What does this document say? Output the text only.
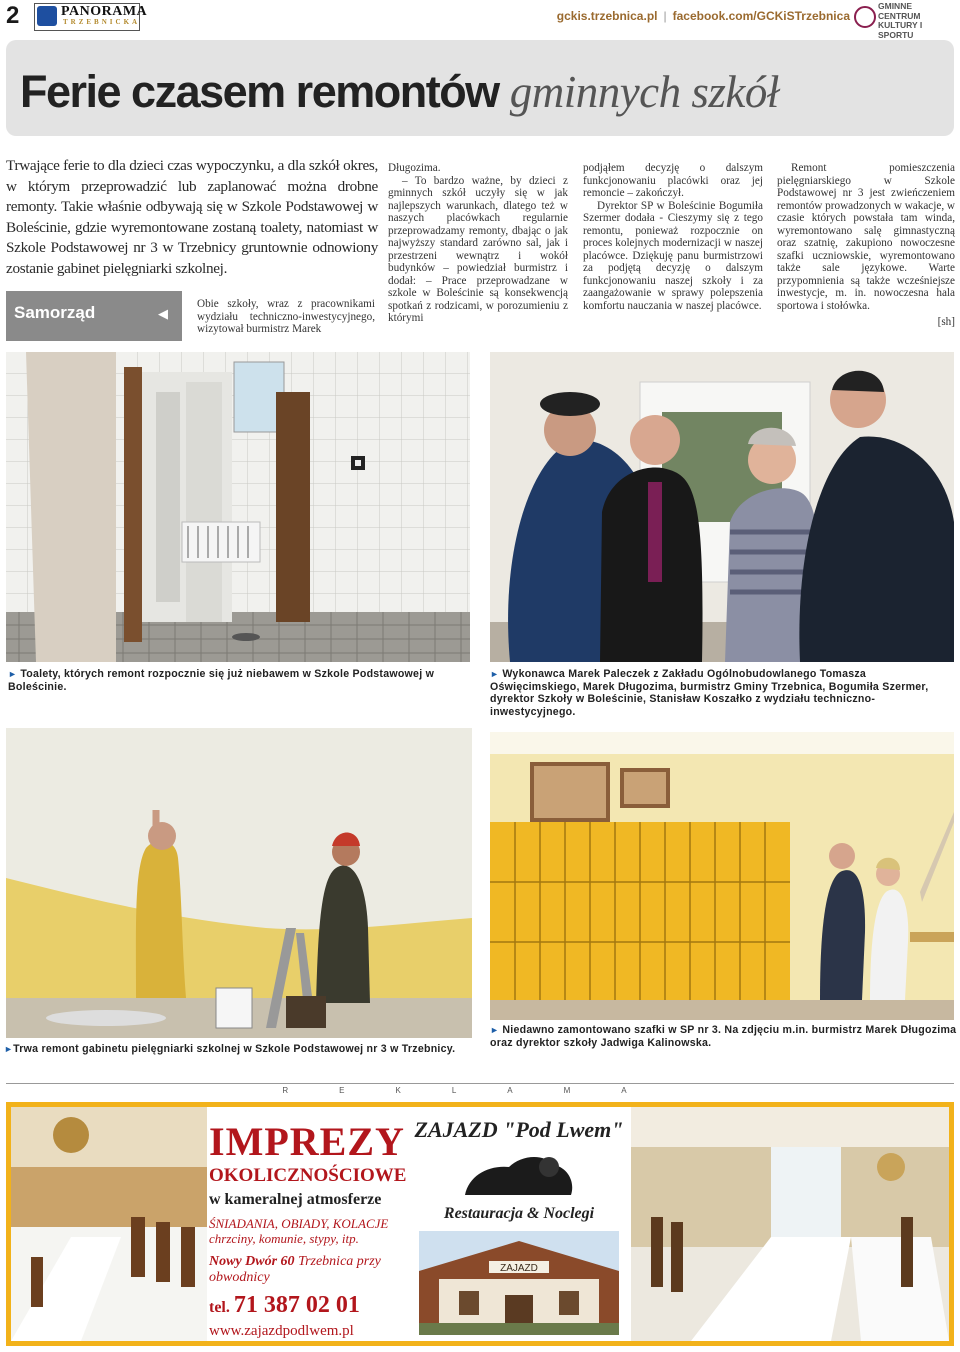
2	PANORAMA
TRZEBNICKA	gckis.trzebnica.pl | facebook.com/GCKiSTrzebnica
GMINNE CENTRUM
KULTURY I SPORTU
Ferie czasem remontów gminnych szkół
Trwające ferie to dla dzieci czas wypoczynku, a dla szkół okres, w którym przeprowadzić lub zaplanować można drobne remonty. Takie właśnie odbywają się w Szkole Podstawowej w Boleścinie, gdzie wyremontowane zostaną toalety, natomiast w Szkole Podstawowej nr 3 w Trzebnicy gruntownie odnowiony zostanie gabinet pielęgniarki szkolnej.
Samorząd	◀
Obie szkoły, wraz z pracownikami wydziału techniczno-inwestycyjnego, wizytował burmistrz Marek

Długozima.

– To bardzo ważne, by dzieci z gminnych szkół uczyły się w jak najlepszych warunkach, dlatego też w naszych placówkach regularnie przeprowadzamy remonty, dbając o jak najwyższy standard zarówno sal, jak i przestrzeni wewnątrz i wokół budynków – powiedział burmistrz i dodał: – Prace przeprowadzane w szkole w Boleścinie są konsekwencją spotkań z rodzicami, w porozumieniu z którymi

podjąłem decyzję o dalszym funkcjonowaniu placówki oraz jej remoncie – zakończył.

Dyrektor SP w Boleścinie Bogumiła Szermer dodała - Cieszymy się z tego remontu, ponieważ rozpocznie on proces kolejnych modernizacji w naszej placówce. Dziękuję panu burmistrzowi za podjętą decyzję o dalszym funkcjonowaniu naszej szkoły i za zaangażowanie w sprawy polepszenia komfortu nauczania w naszej placówce.

Remont pomieszczenia pielęgniarskiego w Szkole Podstawowej nr 3 jest zwieńczeniem remontów prowadzonych w wakacje, w czasie których powstała tam winda, wyremontowano salę gimnastyczną oraz szatnię, zakupiono nowoczesne szafki uczniowskie, wyremontowano także sale językowe. Warte przypomnienia są także wcześniejsze inwestycje, m. in. nowoczesna hala sportowa i stołówka.

[sh]

► Toalety, których remont rozpocznie się już niebawem w Szkole Podstawowej w Boleścinie.
► Wykonawca Marek Paleczek z Zakładu Ogólnobudowlanego Tomasza Oświęcimskiego, Marek Długozima, burmistrz Gminy Trzebnica, Bogumiła Szermer, dyrektor Szkoły w Boleścinie, Stanisław Koszałko z wydziału techniczno-inwestycyjnego.
►Trwa remont gabinetu pielęgniarki szkolnej w Szkole Podstawowej nr 3 w Trzebnicy.
► Niedawno zamontowano szafki w SP nr 3. Na zdjęciu m.in. burmistrz Marek Długozima oraz dyrektor szkoły Jadwiga Kalinowska.
REKLAMA
IMPREZY
OKOLICZNOŚCIOWE
w kameralnej atmosferze
ŚNIADANIA, OBIADY, KOLACJE chrzciny, komunie, stypy, itp.
Nowy Dwór 60 Trzebnica przy obwodnicy
tel. 71 387 02 01
www.zajazdpodlwem.pl
ZAJAZD "Pod Lwem"
Restauracja & Noclegi
ZAJAZD
